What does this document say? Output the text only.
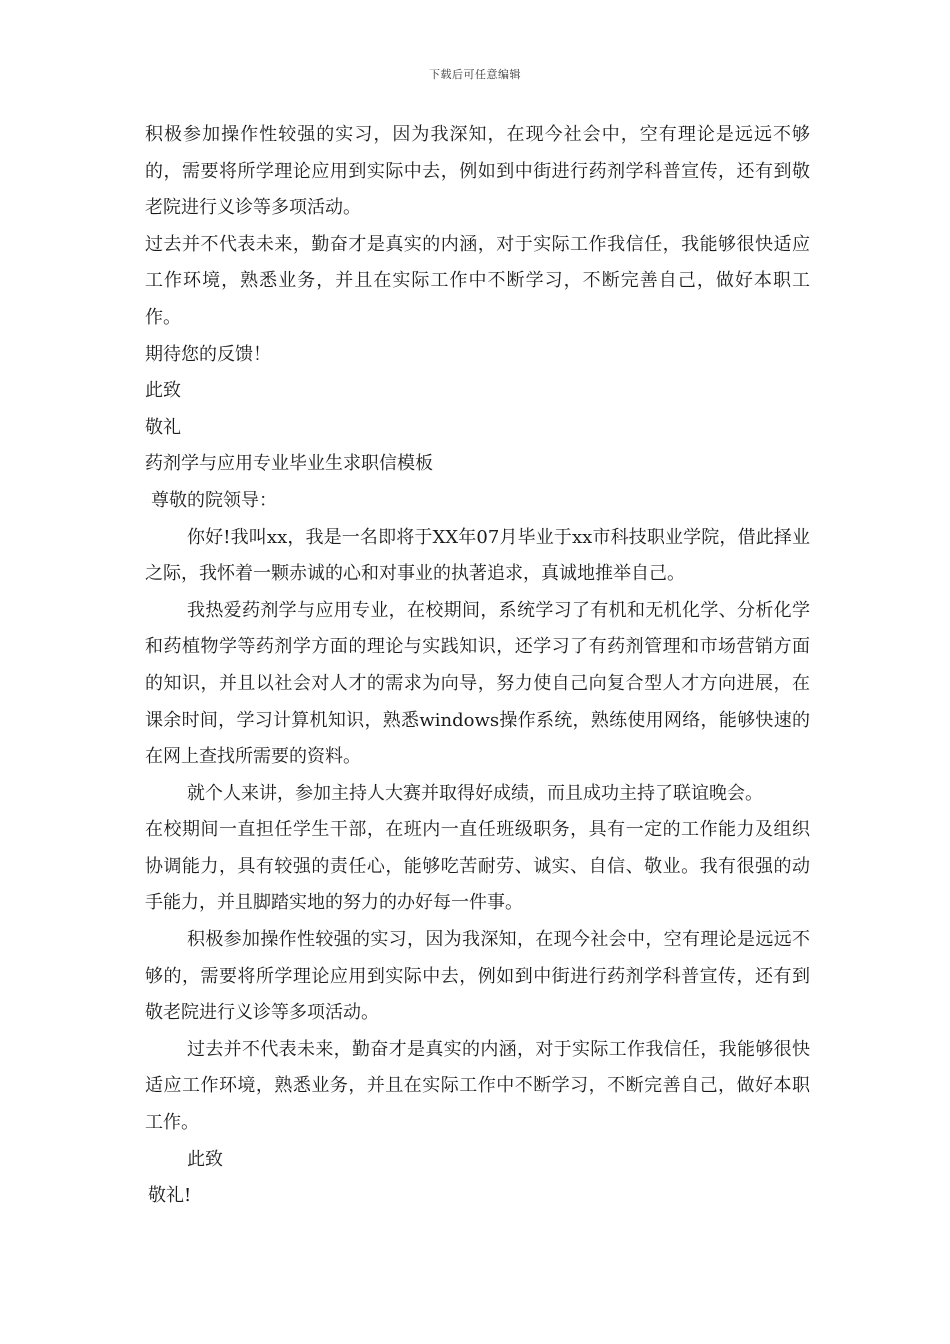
下载后可任意编辑

积极参加操作性较强的实习，因为我深知，在现今社会中，空有理论是远远不够的，需要将所学理论应用到实际中去，例如到中街进行药剂学科普宣传，还有到敬老院进行义诊等多项活动。

过去并不代表未来，勤奋才是真实的内涵，对于实际工作我信任，我能够很快适应工作环境，熟悉业务，并且在实际工作中不断学习，不断完善自己，做好本职工作。

期待您的反馈！

此致

敬礼

药剂学与应用专业毕业生求职信模板

尊敬的院领导：

你好!我叫xx，我是一名即将于XX年07月毕业于xx市科技职业学院，借此择业之际，我怀着一颗赤诚的心和对事业的执著追求，真诚地推举自己。

我热爱药剂学与应用专业，在校期间，系统学习了有机和无机化学、分析化学和药植物学等药剂学方面的理论与实践知识，还学习了有药剂管理和市场营销方面的知识，并且以社会对人才的需求为向导，努力使自己向复合型人才方向进展，在课余时间，学习计算机知识，熟悉windows操作系统，熟练使用网络，能够快速的在网上查找所需要的资料。

就个人来讲，参加主持人大赛并取得好成绩，而且成功主持了联谊晚会。

在校期间一直担任学生干部，在班内一直任班级职务，具有一定的工作能力及组织协调能力，具有较强的责任心，能够吃苦耐劳、诚实、自信、敬业。我有很强的动手能力，并且脚踏实地的努力的办好每一件事。

积极参加操作性较强的实习，因为我深知，在现今社会中，空有理论是远远不够的，需要将所学理论应用到实际中去，例如到中街进行药剂学科普宣传，还有到敬老院进行义诊等多项活动。

过去并不代表未来，勤奋才是真实的内涵，对于实际工作我信任，我能够很快适应工作环境，熟悉业务，并且在实际工作中不断学习，不断完善自己，做好本职工作。

此致

敬礼!
